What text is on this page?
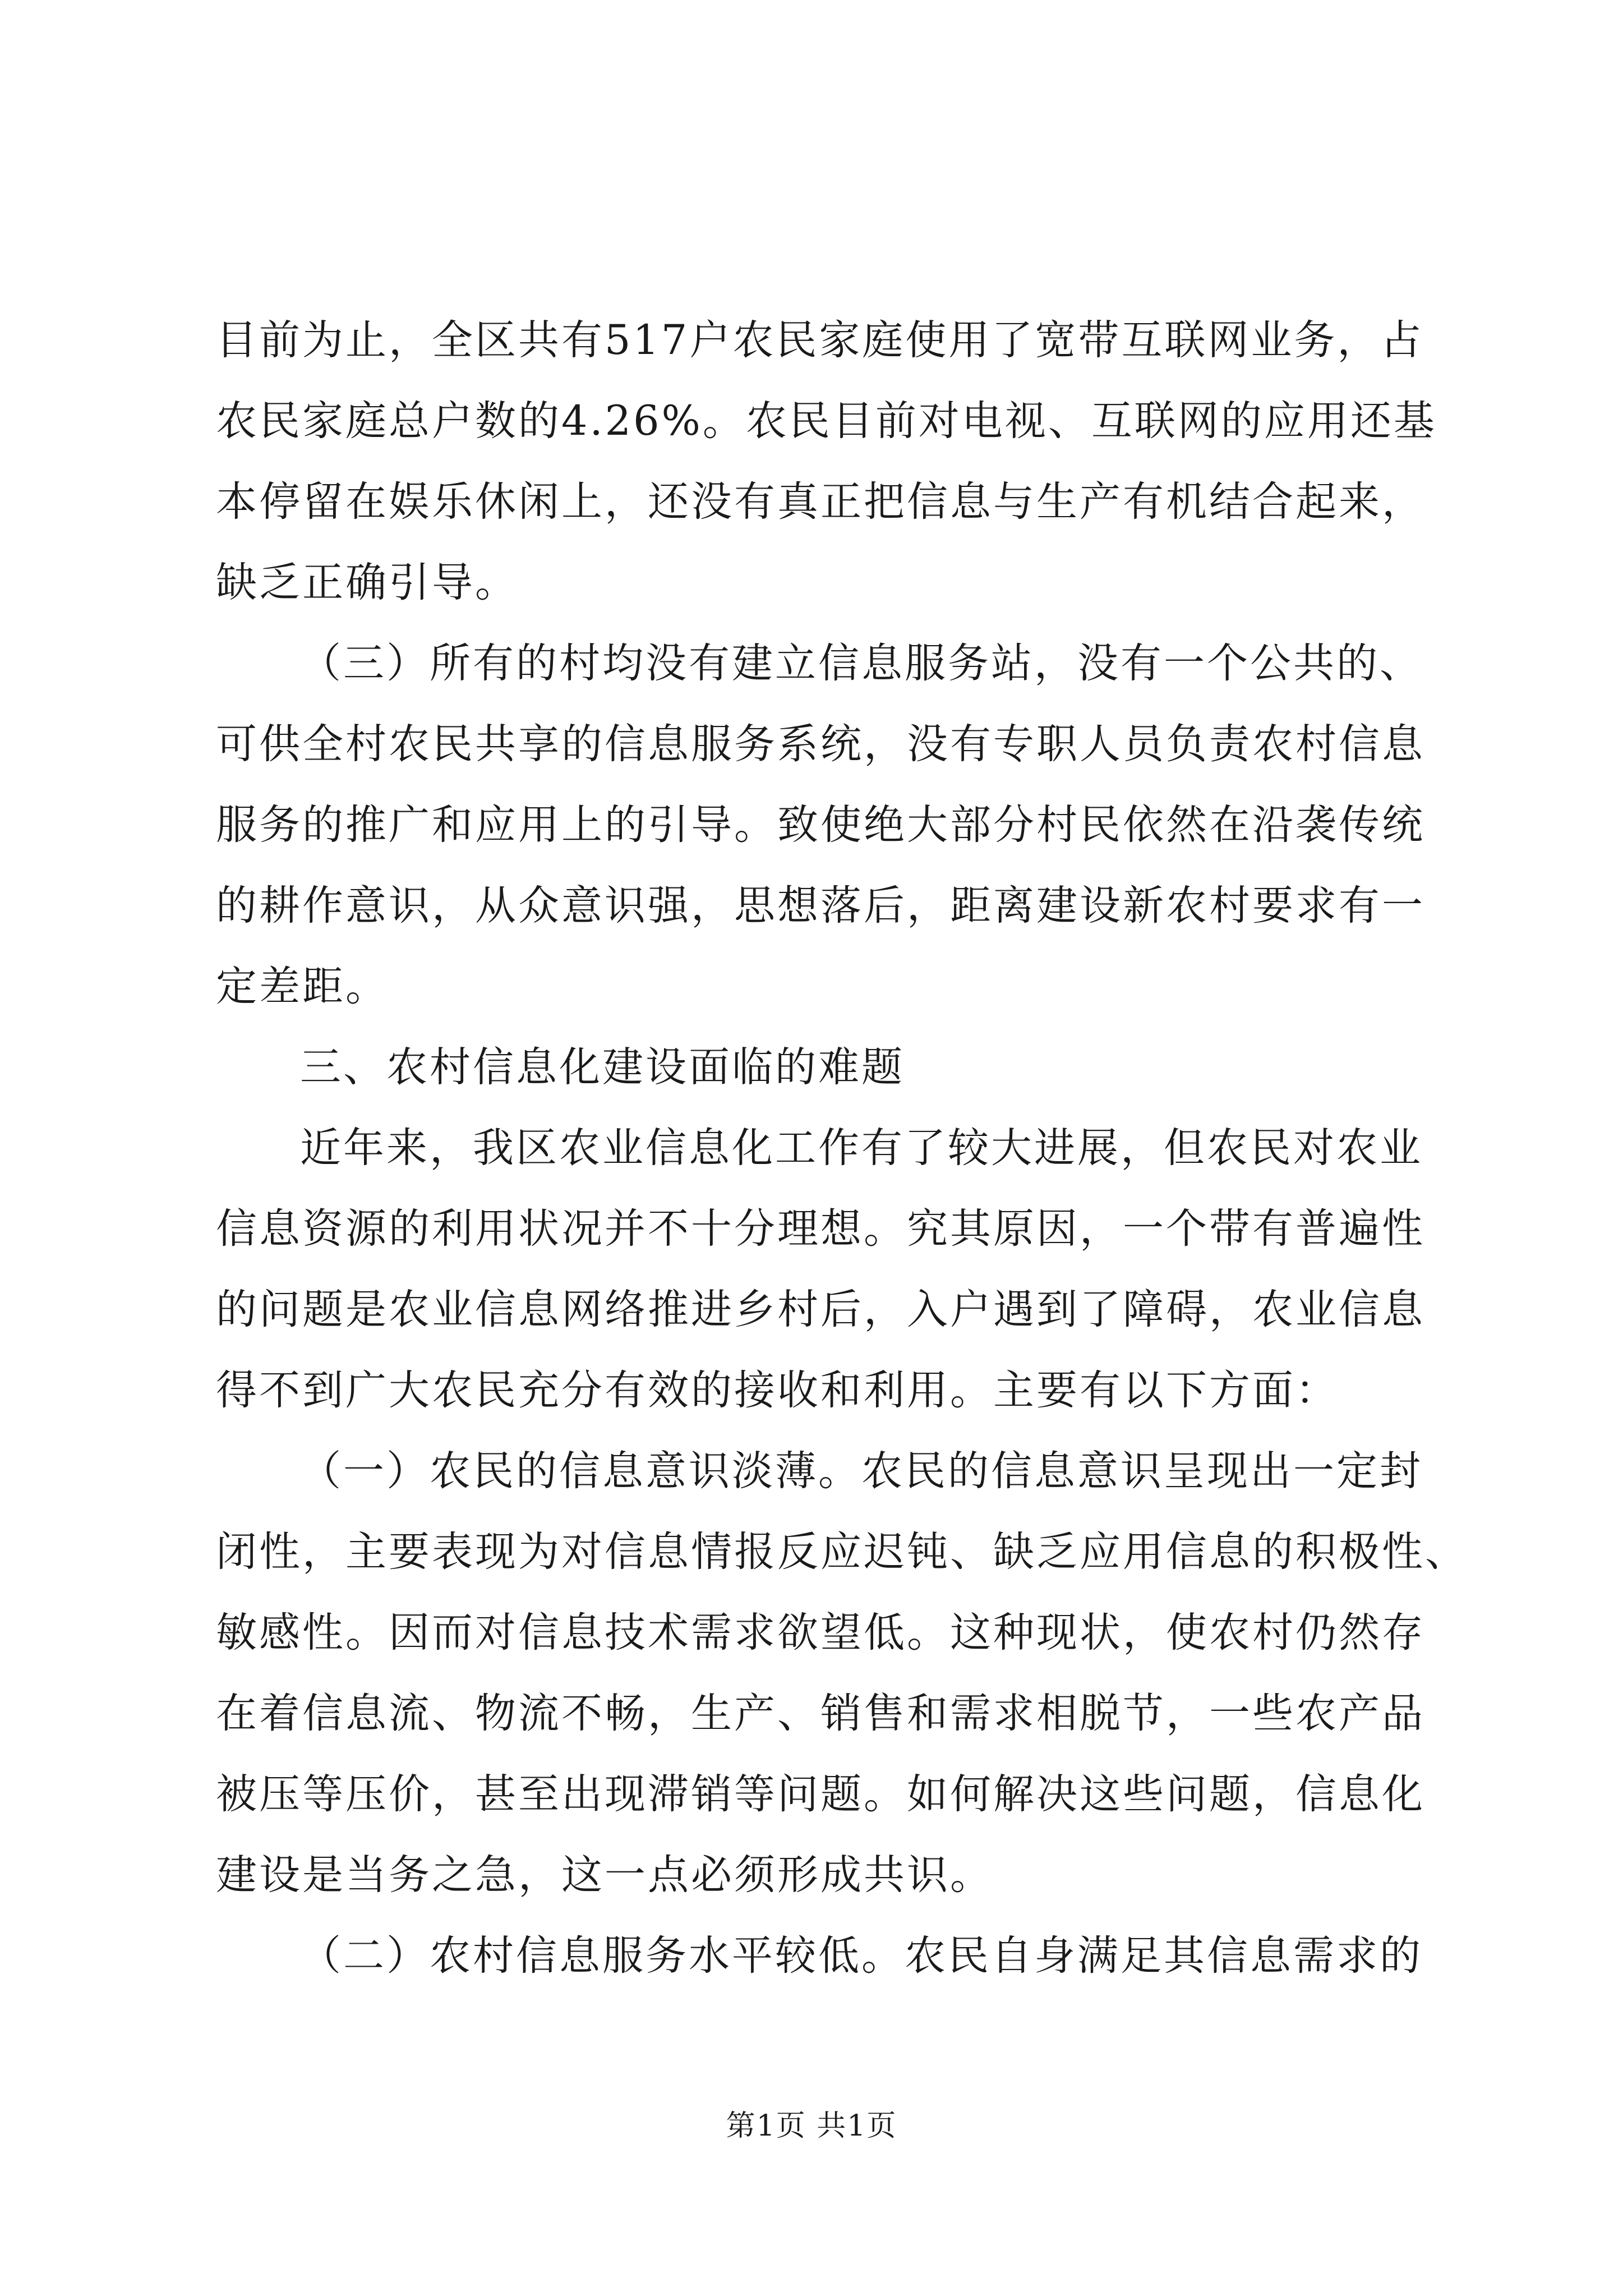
目前为止，全区共有517户农民家庭使用了宽带互联网业务，占
农民家庭总户数的4.26%。农民目前对电视、互联网的应用还基
本停留在娱乐休闲上，还没有真正把信息与生产有机结合起来，
缺乏正确引导。
（三）所有的村均没有建立信息服务站，没有一个公共的、
可供全村农民共享的信息服务系统，没有专职人员负责农村信息
服务的推广和应用上的引导。致使绝大部分村民依然在沿袭传统
的耕作意识，从众意识强，思想落后，距离建设新农村要求有一
定差距。
三、农村信息化建设面临的难题
近年来，我区农业信息化工作有了较大进展，但农民对农业
信息资源的利用状况并不十分理想。究其原因，一个带有普遍性
的问题是农业信息网络推进乡村后，入户遇到了障碍，农业信息
得不到广大农民充分有效的接收和利用。主要有以下方面：
（一）农民的信息意识淡薄。农民的信息意识呈现出一定封
闭性，主要表现为对信息情报反应迟钝、缺乏应用信息的积极性、
敏感性。因而对信息技术需求欲望低。这种现状，使农村仍然存
在着信息流、物流不畅，生产、销售和需求相脱节，一些农产品
被压等压价，甚至出现滞销等问题。如何解决这些问题，信息化
建设是当务之急，这一点必须形成共识。
（二）农村信息服务水平较低。农民自身满足其信息需求的
第1页 共1页
